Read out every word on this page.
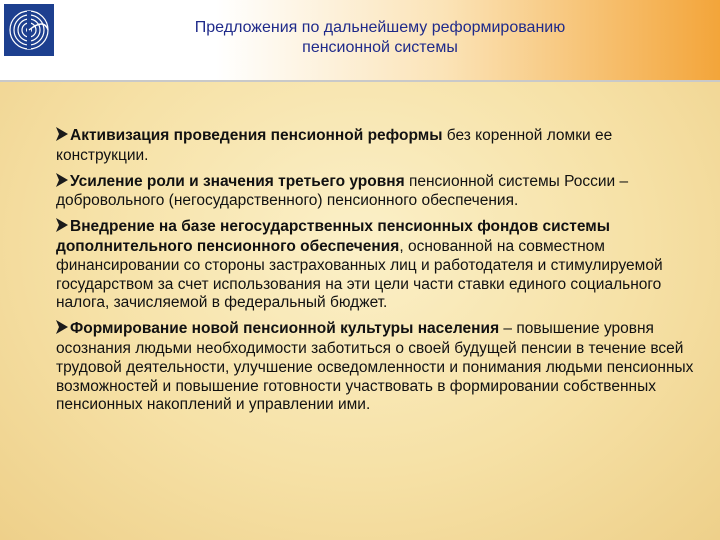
Предложения по дальнейшему реформированию
пенсионной системы
Активизация проведения пенсионной реформы без коренной ломки ее конструкции.
Усиление роли и значения третьего уровня пенсионной системы России – добровольного (негосударственного) пенсионного обеспечения.
Внедрение на базе негосударственных пенсионных фондов системы дополнительного пенсионного обеспечения, основанной на совместном финансировании со стороны застрахованных лиц и работодателя и стимулируемой государством за счет использования на эти цели части ставки единого социального налога, зачисляемой в федеральный бюджет.
Формирование новой пенсионной культуры населения – повышение уровня осознания людьми необходимости заботиться о своей будущей пенсии в течение всей трудовой деятельности, улучшение осведомленности и понимания людьми пенсионных возможностей и повышение готовности участвовать в формировании собственных пенсионных накоплений и управлении ими.
